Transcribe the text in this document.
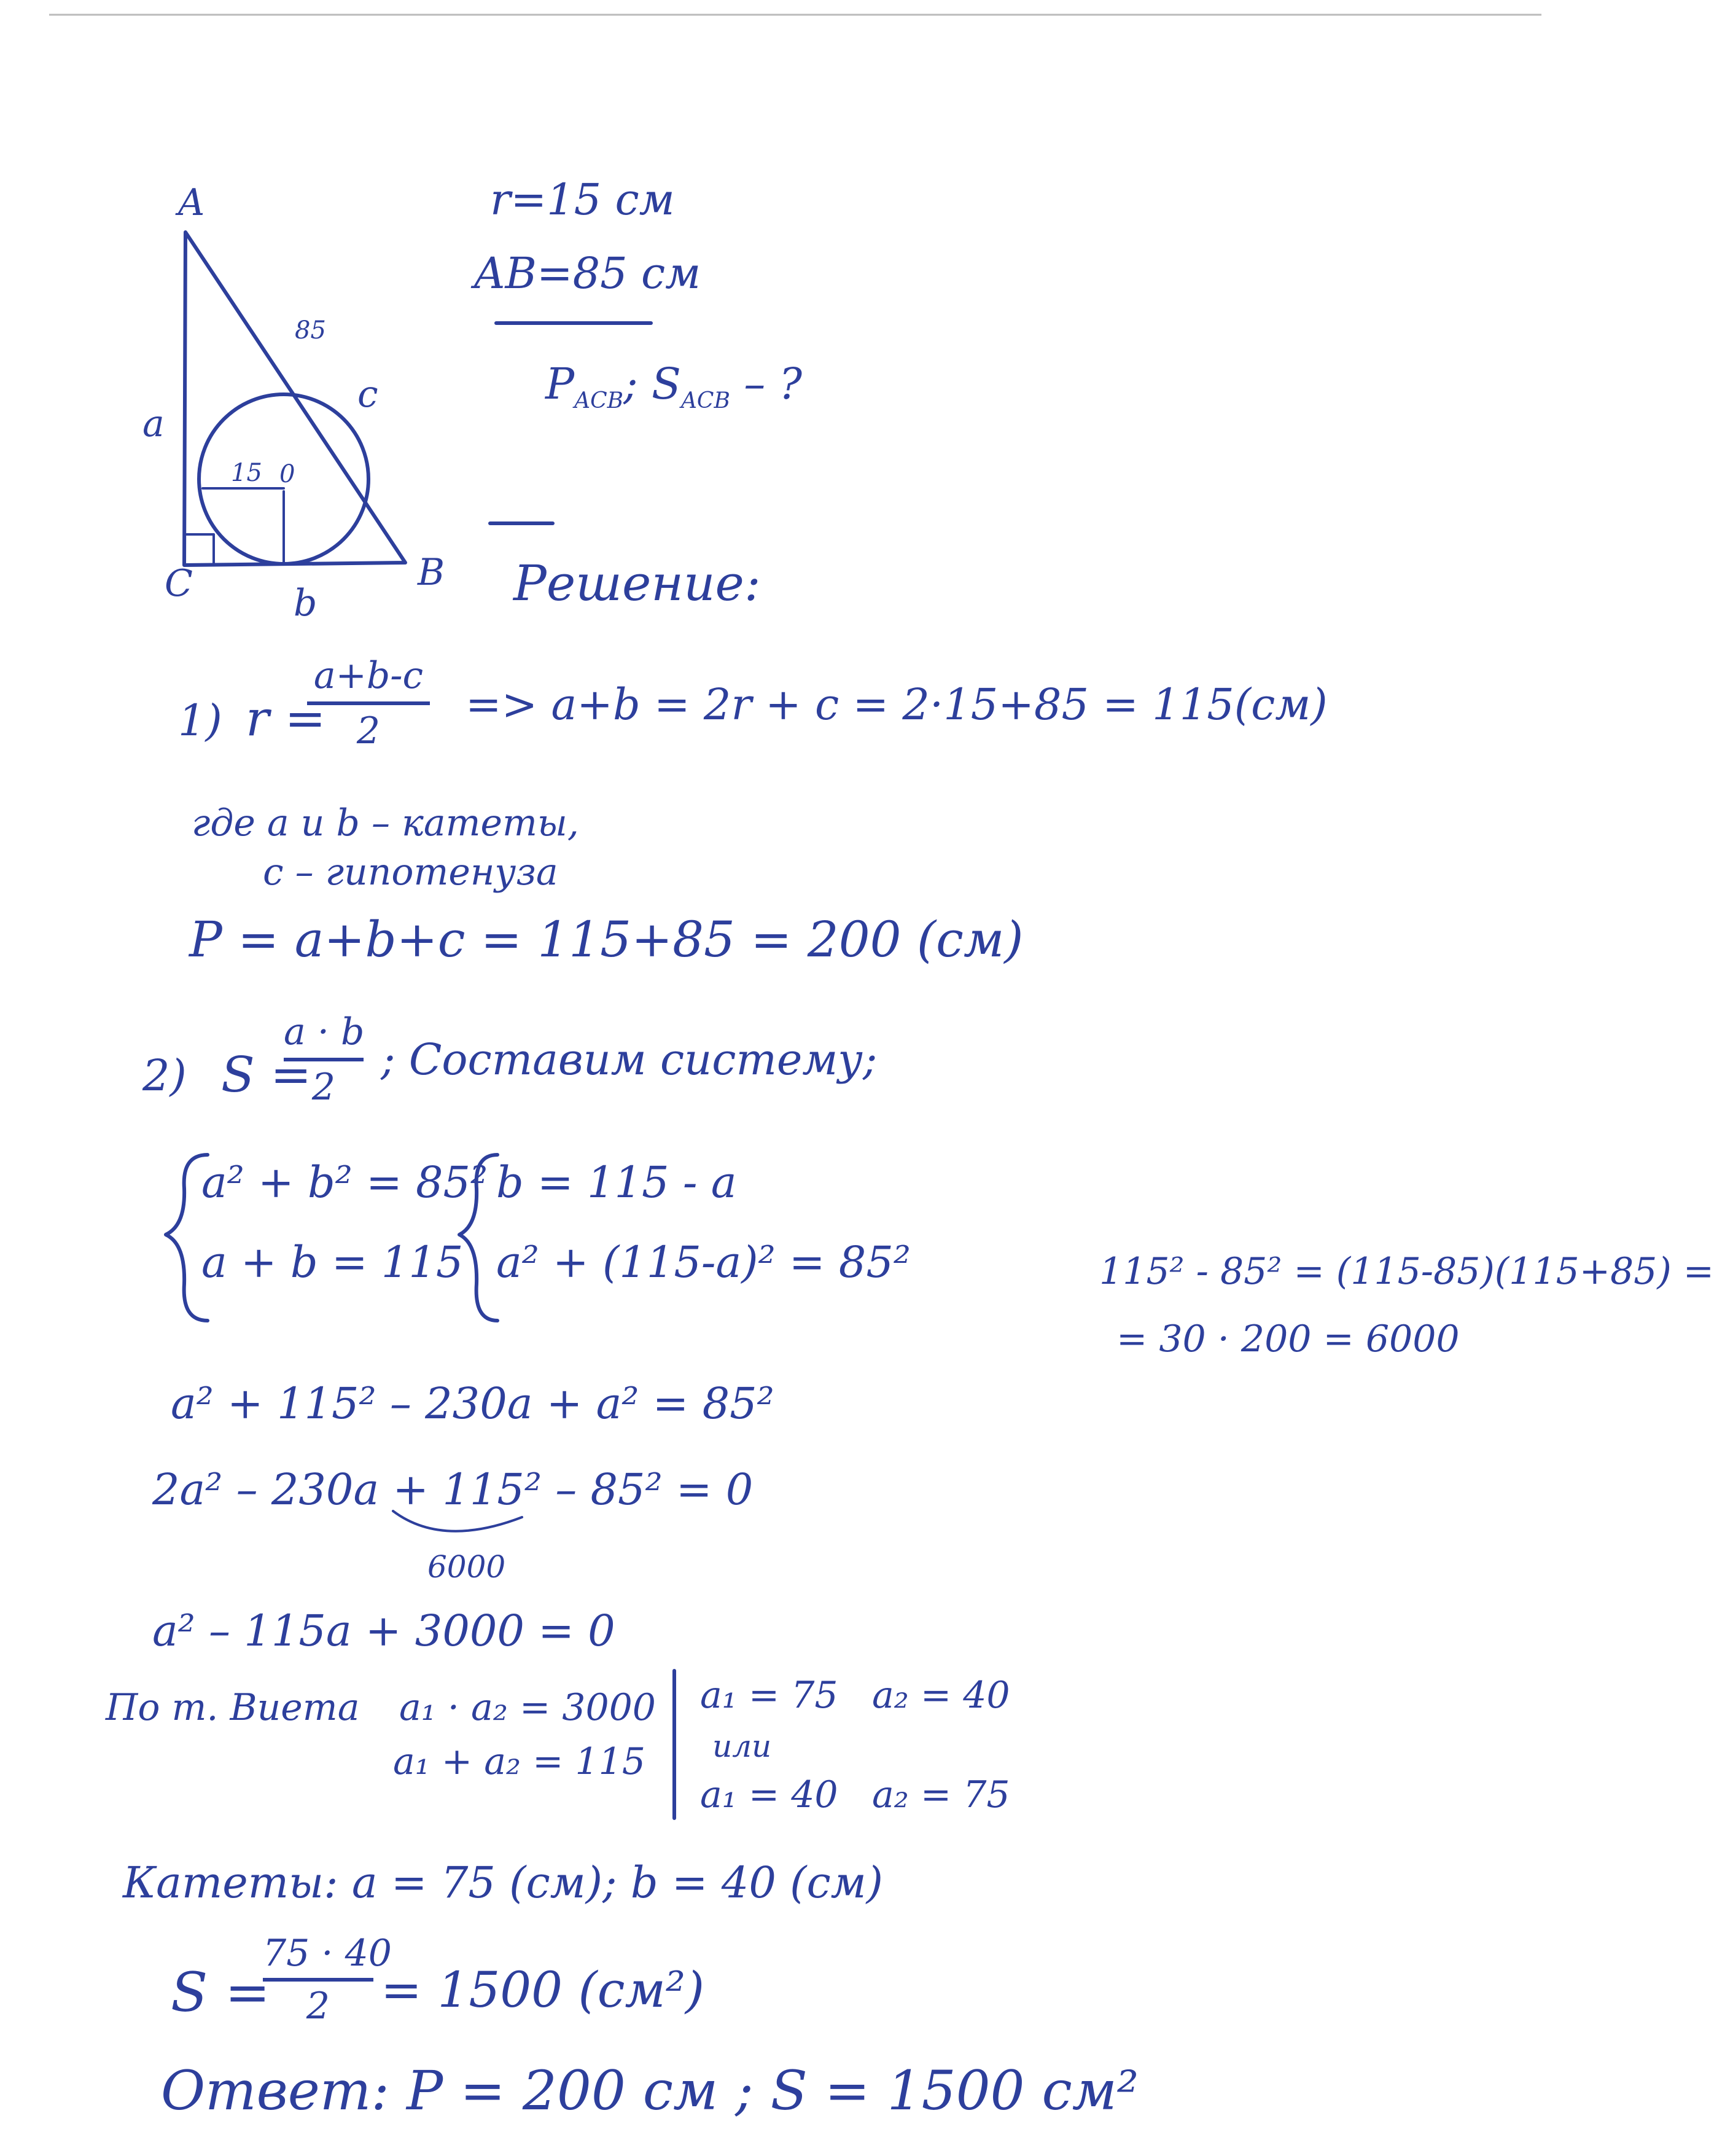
A
B
C
0
a
b
c
85
15
r=15 см
AB=85 см
$P_{ACB}$; $S_{ACB}$ – ?
Решение:
1) r =
a+b-c
2
=> a+b = 2r + c = 2·15+85 = 115(см)
где а и b – катеты,
c – гипотенуза
P = a+b+c = 115+85 = 200 (см)
2) S =
a · b
2
; Составим систему;
a² + b² = 85²
a + b = 115
b = 115 - a
a² + (115-a)² = 85²	115² - 85² = (115-85)(115+85) =
= 30 · 200 = 6000
a² + 115² – 230a + a² = 85²
2a² – 230a + 115² – 85² = 0
6000
a² – 115a + 3000 = 0
По т. Виета a₁ · a₂ = 3000
a₁ + a₂ = 115
a₁ = 75 a₂ = 40
или
a₁ = 40 a₂ = 75
Катеты: a = 75 (см); b = 40 (см)
S =
75 · 40
2	= 1500 (см²)
Ответ: P = 200 см ; S = 1500 см²
